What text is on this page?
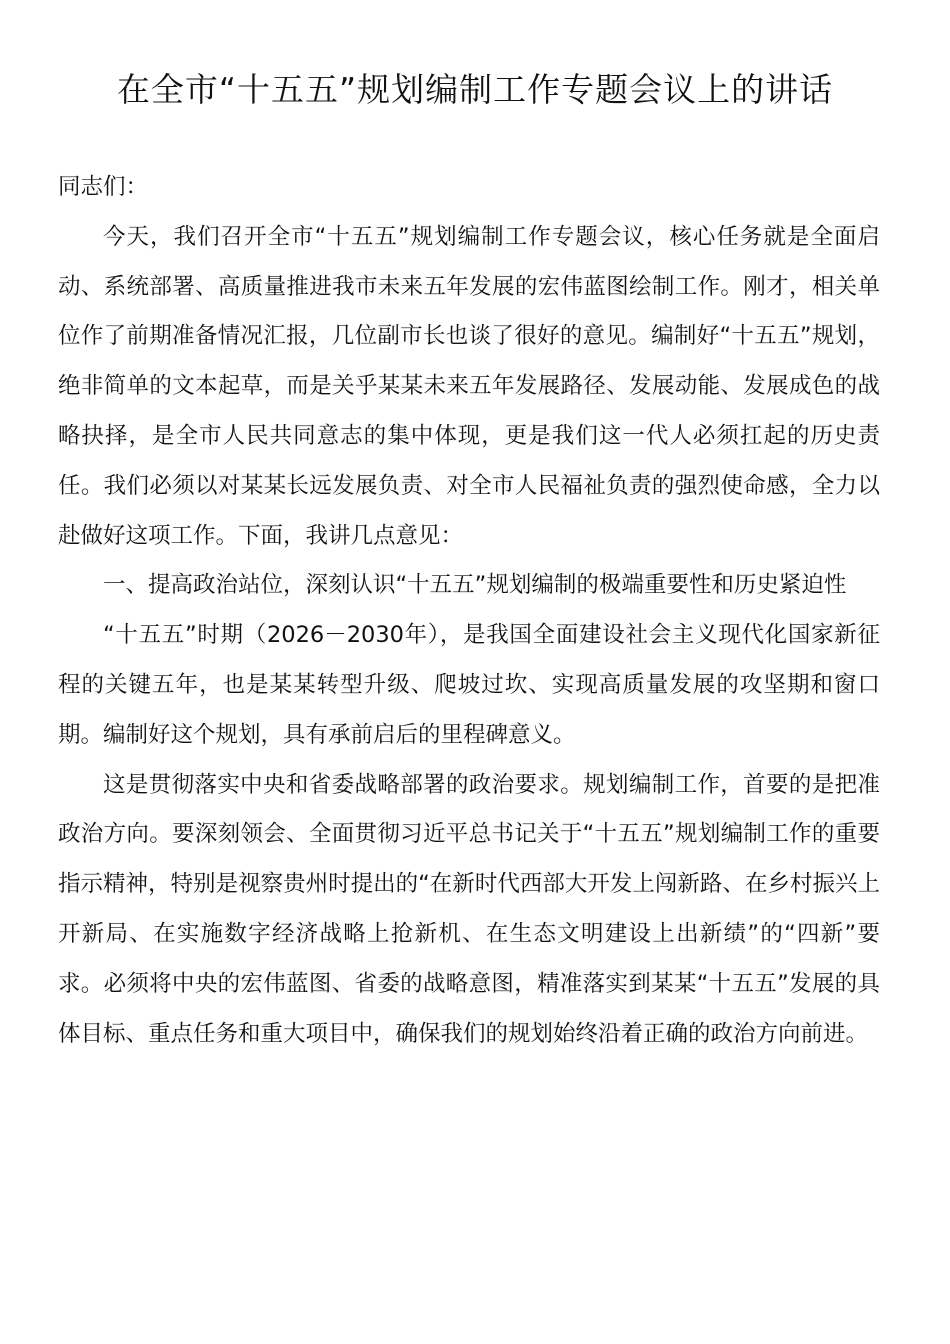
在全市“十五五”规划编制工作专题会议上的讲话

同志们：

今天，我们召开全市“十五五”规划编制工作专题会议，核心任务就是全面启动、系统部署、高质量推进我市未来五年发展的宏伟蓝图绘制工作。刚才，相关单位作了前期准备情况汇报，几位副市长也谈了很好的意见。编制好“十五五”规划，绝非简单的文本起草，而是关乎某某未来五年发展路径、发展动能、发展成色的战略抉择，是全市人民共同意志的集中体现，更是我们这一代人必须扛起的历史责任。我们必须以对某某长远发展负责、对全市人民福祉负责的强烈使命感，全力以赴做好这项工作。下面，我讲几点意见：

一、提高政治站位，深刻认识“十五五”规划编制的极端重要性和历史紧迫性

“十五五”时期（2026－2030年），是我国全面建设社会主义现代化国家新征程的关键五年，也是某某转型升级、爬坡过坎、实现高质量发展的攻坚期和窗口期。编制好这个规划，具有承前启后的里程碑意义。

这是贯彻落实中央和省委战略部署的政治要求。规划编制工作，首要的是把准政治方向。要深刻领会、全面贯彻习近平总书记关于“十五五”规划编制工作的重要指示精神，特别是视察贵州时提出的“在新时代西部大开发上闯新路、在乡村振兴上开新局、在实施数字经济战略上抢新机、在生态文明建设上出新绩”的“四新”要求。必须将中央的宏伟蓝图、省委的战略意图，精准落实到某某“十五五”发展的具体目标、重点任务和重大项目中，确保我们的规划始终沿着正确的政治方向前进。
